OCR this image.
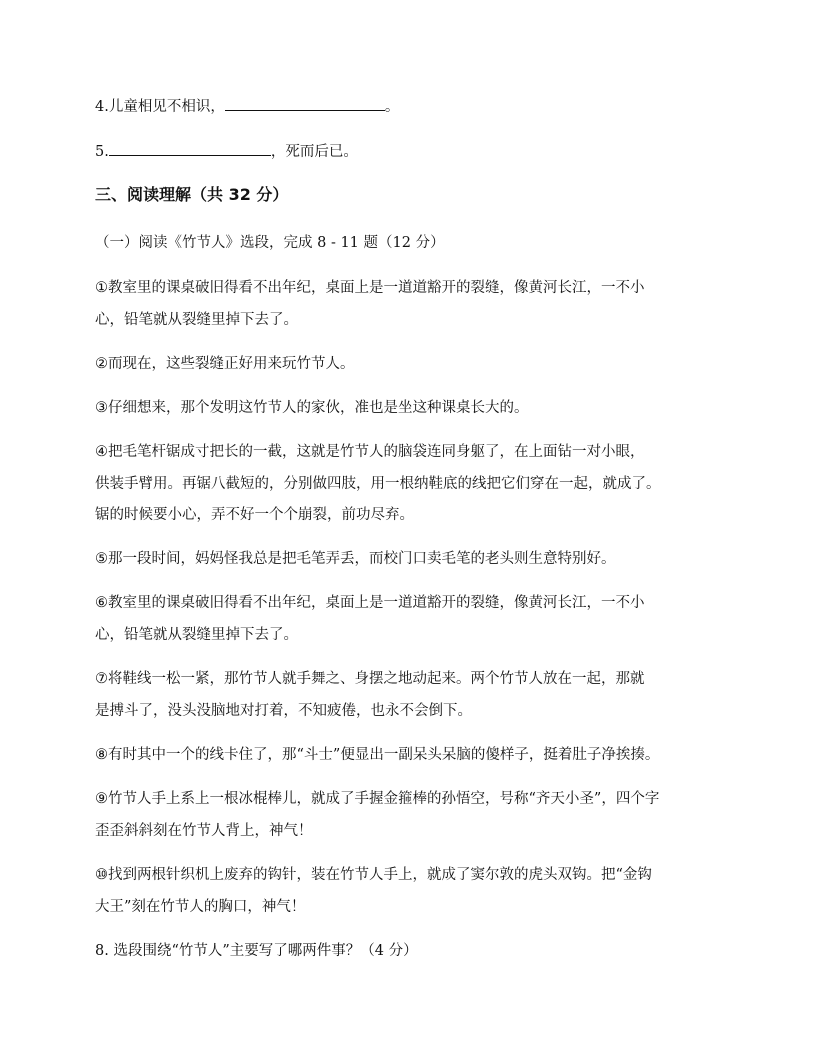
4.儿童相见不相识，	。
5.	，死而后已。
三、阅读理解（共 32 分）
（一）阅读《竹节人》选段，完成 8 - 11 题（12 分）
①教室里的课桌破旧得看不出年纪，桌面上是一道道豁开的裂缝，像黄河长江，一不小
心，铅笔就从裂缝里掉下去了。
②而现在，这些裂缝正好用来玩竹节人。
③仔细想来，那个发明这竹节人的家伙，准也是坐这种课桌长大的。
④把毛笔杆锯成寸把长的一截，这就是竹节人的脑袋连同身躯了，在上面钻一对小眼，
供装手臂用。再锯八截短的，分别做四肢，用一根纳鞋底的线把它们穿在一起，就成了。
锯的时候要小心，弄不好一个个崩裂，前功尽弃。
⑤那一段时间，妈妈怪我总是把毛笔弄丢，而校门口卖毛笔的老头则生意特别好。
⑥教室里的课桌破旧得看不出年纪，桌面上是一道道豁开的裂缝，像黄河长江，一不小
心，铅笔就从裂缝里掉下去了。
⑦将鞋线一松一紧，那竹节人就手舞之、身摆之地动起来。两个竹节人放在一起，那就
是搏斗了，没头没脑地对打着，不知疲倦，也永不会倒下。
⑧有时其中一个的线卡住了，那“斗士”便显出一副呆头呆脑的傻样子，挺着肚子净挨揍。
⑨竹节人手上系上一根冰棍棒儿，就成了手握金箍棒的孙悟空，号称“齐天小圣”，四个字
歪歪斜斜刻在竹节人背上，神气！
⑩找到两根针织机上废弃的钩针，装在竹节人手上，就成了窦尔敦的虎头双钩。把“金钩
大王”刻在竹节人的胸口，神气！
8. 选段围绕“竹节人”主要写了哪两件事？（4 分）
